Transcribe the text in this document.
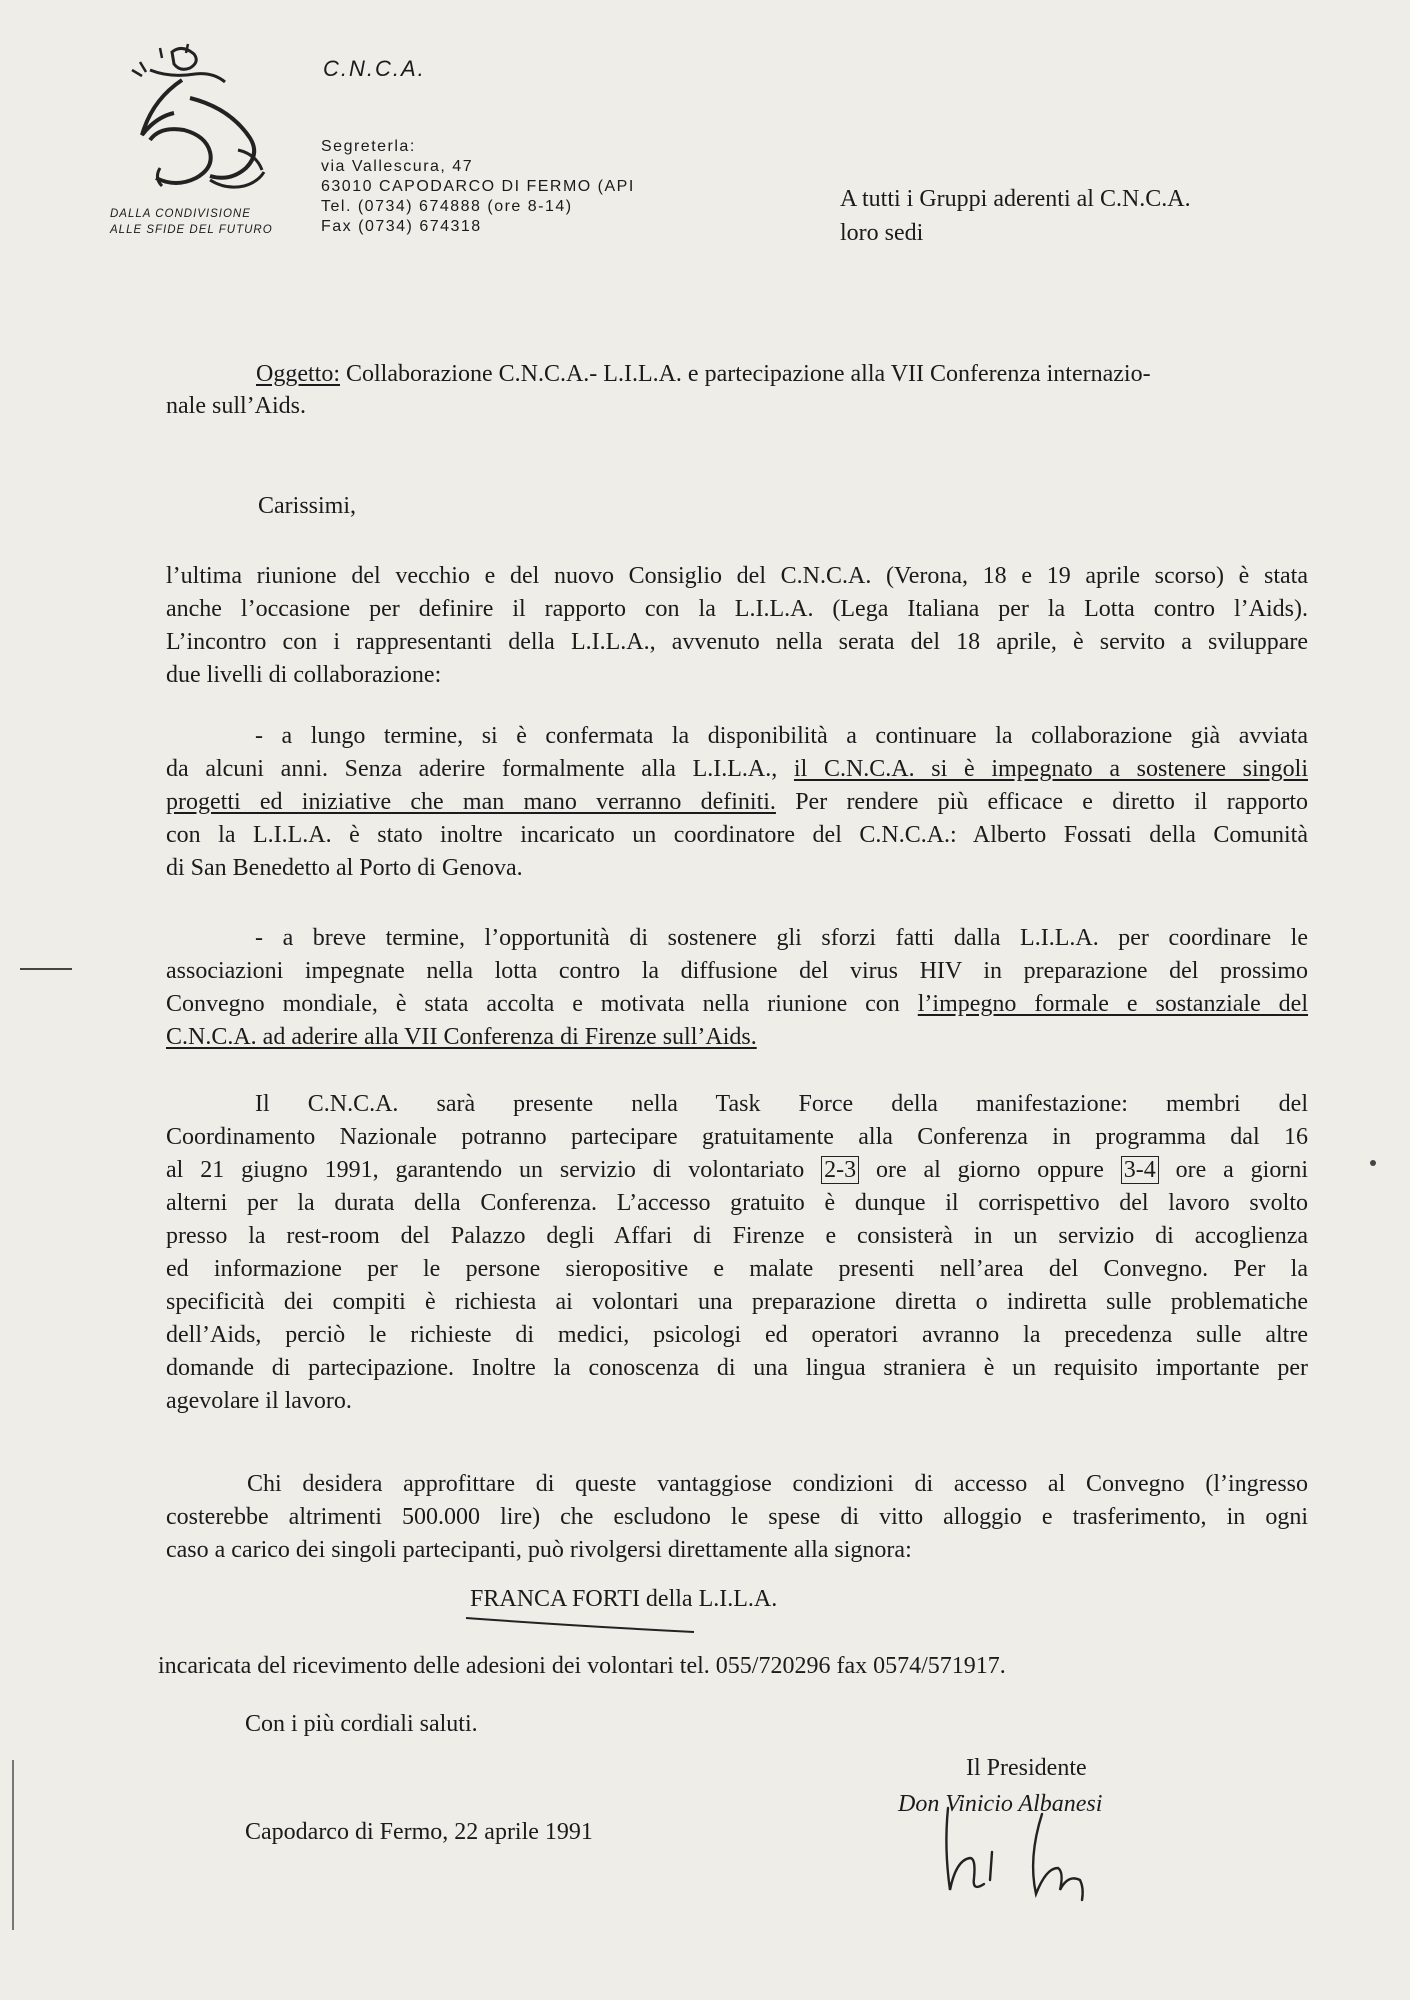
DALLA CONDIVISIONE
ALLE SFIDE DEL FUTURO
C.N.C.A.
Segreterla:
via Vallescura, 47
63010 CAPODARCO DI FERMO (API
Tel. (0734) 674888 (ore 8-14)
Fax (0734) 674318
A tutti i Gruppi aderenti al C.N.C.A.
loro sedi
Oggetto: Collaborazione C.N.C.A.- L.I.L.A. e partecipazione alla VII Conferenza internazio-
nale sull’Aids.
Carissimi,
l’ultima riunione del vecchio e del nuovo Consiglio del C.N.C.A. (Verona, 18 e 19 aprile scorso) è stata
anche l’occasione per definire il rapporto con la L.I.L.A. (Lega Italiana per la Lotta contro l’Aids).
L’incontro con i rappresentanti della L.I.L.A., avvenuto nella serata del 18 aprile, è servito a sviluppare
due livelli di collaborazione:
- a lungo termine, si è confermata la disponibilità a continuare la collaborazione già avviata
da alcuni anni. Senza aderire formalmente alla L.I.L.A., il C.N.C.A. si è impegnato a sostenere singoli
progetti ed iniziative che man mano verranno definiti. Per rendere più efficace e diretto il rapporto
con la L.I.L.A. è stato inoltre incaricato un coordinatore del C.N.C.A.: Alberto Fossati della Comunità
di San Benedetto al Porto di Genova.
- a breve termine, l’opportunità di sostenere gli sforzi fatti dalla L.I.L.A. per coordinare le
associazioni impegnate nella lotta contro la diffusione del virus HIV in preparazione del prossimo
Convegno mondiale, è stata accolta e motivata nella riunione con l’impegno formale e sostanziale del
C.N.C.A. ad aderire alla VII Conferenza di Firenze sull’Aids.
Il C.N.C.A. sarà presente nella Task Force della manifestazione: membri del
Coordinamento Nazionale potranno partecipare gratuitamente alla Conferenza in programma dal 16
al 21 giugno 1991, garantendo un servizio di volontariato 2-3 ore al giorno oppure 3-4 ore a giorni
alterni per la durata della Conferenza. L’accesso gratuito è dunque il corrispettivo del lavoro svolto
presso la rest-room del Palazzo degli Affari di Firenze e consisterà in un servizio di accoglienza
ed informazione per le persone sieropositive e malate presenti nell’area del Convegno. Per la
specificità dei compiti è richiesta ai volontari una preparazione diretta o indiretta sulle problematiche
dell’Aids, perciò le richieste di medici, psicologi ed operatori avranno la precedenza sulle altre
domande di partecipazione. Inoltre la conoscenza di una lingua straniera è un requisito importante per
agevolare il lavoro.
Chi desidera approfittare di queste vantaggiose condizioni di accesso al Convegno (l’ingresso
costerebbe altrimenti 500.000 lire) che escludono le spese di vitto alloggio e trasferimento, in ogni
caso a carico dei singoli partecipanti, può rivolgersi direttamente alla signora:
FRANCA FORTI della L.I.L.A.
incaricata del ricevimento delle adesioni dei volontari tel. 055/720296 fax 0574/571917.
Con i più cordiali saluti.
Il Presidente
Don Vinicio Albanesi
Capodarco di Fermo, 22 aprile 1991
